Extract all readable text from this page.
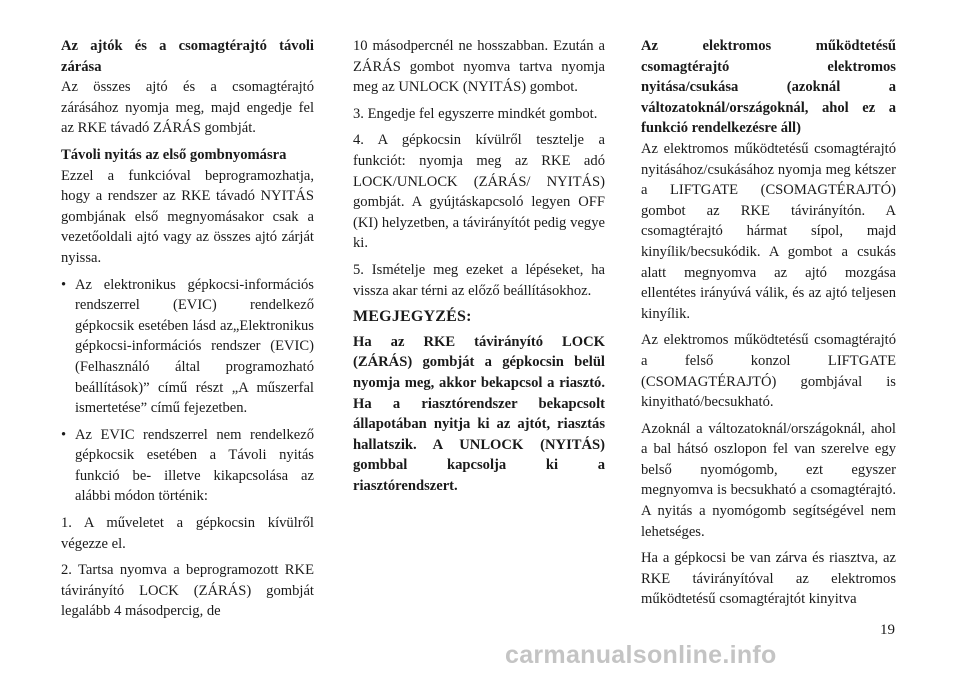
Az ajtók és a csomagtérajtó távoli zárása

Az összes ajtó és a csomagtérajtó zárásához nyomja meg, majd engedje fel az RKE távadó ZÁRÁS gombját.

Távoli nyitás az első gombnyomásra

Ezzel a funkcióval beprogramozhatja, hogy a rendszer az RKE távadó NYITÁS gombjának első megnyomásakor csak a vezetőoldali ajtó vagy az összes ajtó zárját nyissa.

• Az elektronikus gépkocsi-információs rendszerrel (EVIC) rendelkező gépkocsik esetében lásd az„Elektronikus gépkocsi-információs rendszer (EVIC) (Felhasználó által programozható beállítások)” című részt „A műszerfal ismertetése” című fejezetben.
• Az EVIC rendszerrel nem rendelkező gépkocsik esetében a Távoli nyitás funkció be- illetve kikapcsolása az alábbi módon történik:

1. A műveletet a gépkocsin kívülről végezze el.

2. Tartsa nyomva a beprogramozott RKE távirányító LOCK (ZÁRÁS) gombját legalább 4 másodpercig, de

10 másodpercnél ne hosszabban. Ezután a ZÁRÁS gombot nyomva tartva nyomja meg az UNLOCK (NYITÁS) gombot.

3. Engedje fel egyszerre mindkét gombot.

4. A gépkocsin kívülről tesztelje a funkciót: nyomja meg az RKE adó LOCK/UNLOCK (ZÁRÁS/ NYITÁS) gombját. A gyújtáskapcsoló legyen OFF (KI) helyzetben, a távirányítót pedig vegye ki.

5. Ismételje meg ezeket a lépéseket, ha vissza akar térni az előző beállításokhoz.

MEGJEGYZÉS:

Ha az RKE távirányító LOCK (ZÁRÁS) gombját a gépkocsin belül nyomja meg, akkor bekapcsol a riasztó. Ha a riasztórendszer bekapcsolt állapotában nyitja ki az ajtót, riasztás hallatszik. A UNLOCK (NYITÁS) gombbal kapcsolja ki a riasztórendszert.

Az elektromos működtetésű csomagtérajtó elektromos nyitása/csukása (azoknál a változatoknál/országoknál, ahol ez a funkció rendelkezésre áll)

Az elektromos működtetésű csomagtérajtó nyitásához/csukásához nyomja meg kétszer a LIFTGATE (CSOMAGTÉRAJTÓ) gombot az RKE távirányítón. A csomagtérajtó hármat sípol, majd kinyílik/becsukódik. A gombot a csukás alatt megnyomva az ajtó mozgása ellentétes irányúvá válik, és az ajtó teljesen kinyílik.

Az elektromos működtetésű csomagtérajtó a felső konzol LIFTGATE (CSOMAGTÉRAJTÓ) gombjával is kinyitható/becsukható.

Azoknál a változatoknál/országoknál, ahol a bal hátsó oszlopon fel van szerelve egy belső nyomógomb, ezt egyszer megnyomva is becsukható a csomagtérajtó. A nyitás a nyomógomb segítségével nem lehetséges.

Ha a gépkocsi be van zárva és riasztva, az RKE távirányítóval az elektromos működtetésű csomagtérajtót kinyitva

19
carmanualsonline.info
